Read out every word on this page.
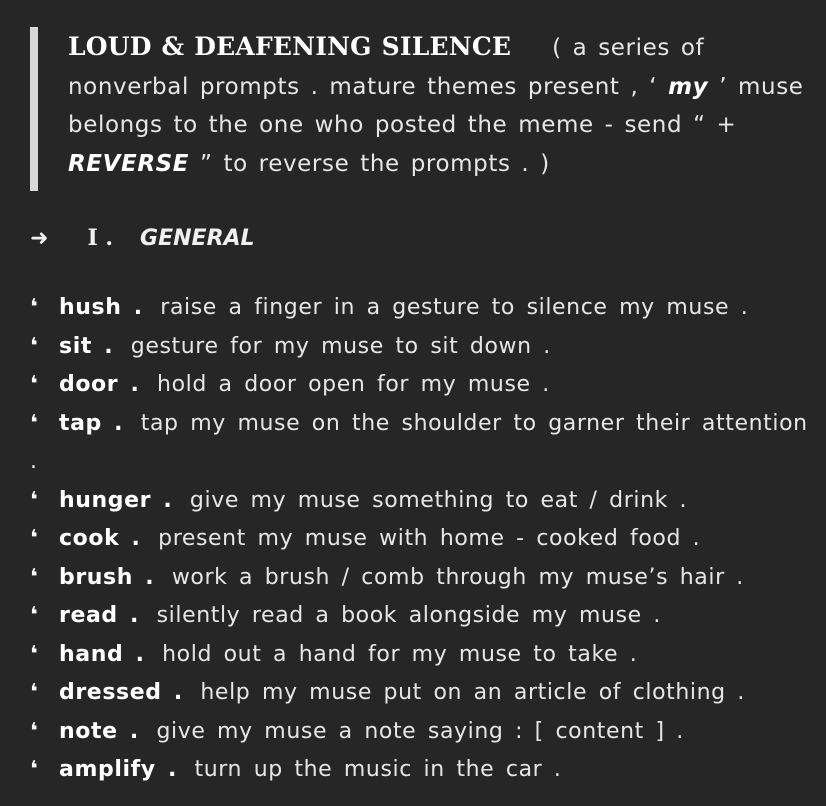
LOUD & DEAFENING SILENCE ( a series of nonverbal prompts . mature themes present , ‘ my ’ muse belongs to the one who posted the meme - send “ + REVERSE ” to reverse the prompts . )
➜ I . GENERAL
❛ hush . raise a finger in a gesture to silence my muse .
❛ sit . gesture for my muse to sit down .
❛ door . hold a door open for my muse .
❛ tap . tap my muse on the shoulder to garner their attention .
❛ hunger . give my muse something to eat / drink .
❛ cook . present my muse with home - cooked food .
❛ brush . work a brush / comb through my muse’s hair .
❛ read . silently read a book alongside my muse .
❛ hand . hold out a hand for my muse to take .
❛ dressed . help my muse put on an article of clothing .
❛ note . give my muse a note saying : [ content ] .
❛ amplify . turn up the music in the car .
